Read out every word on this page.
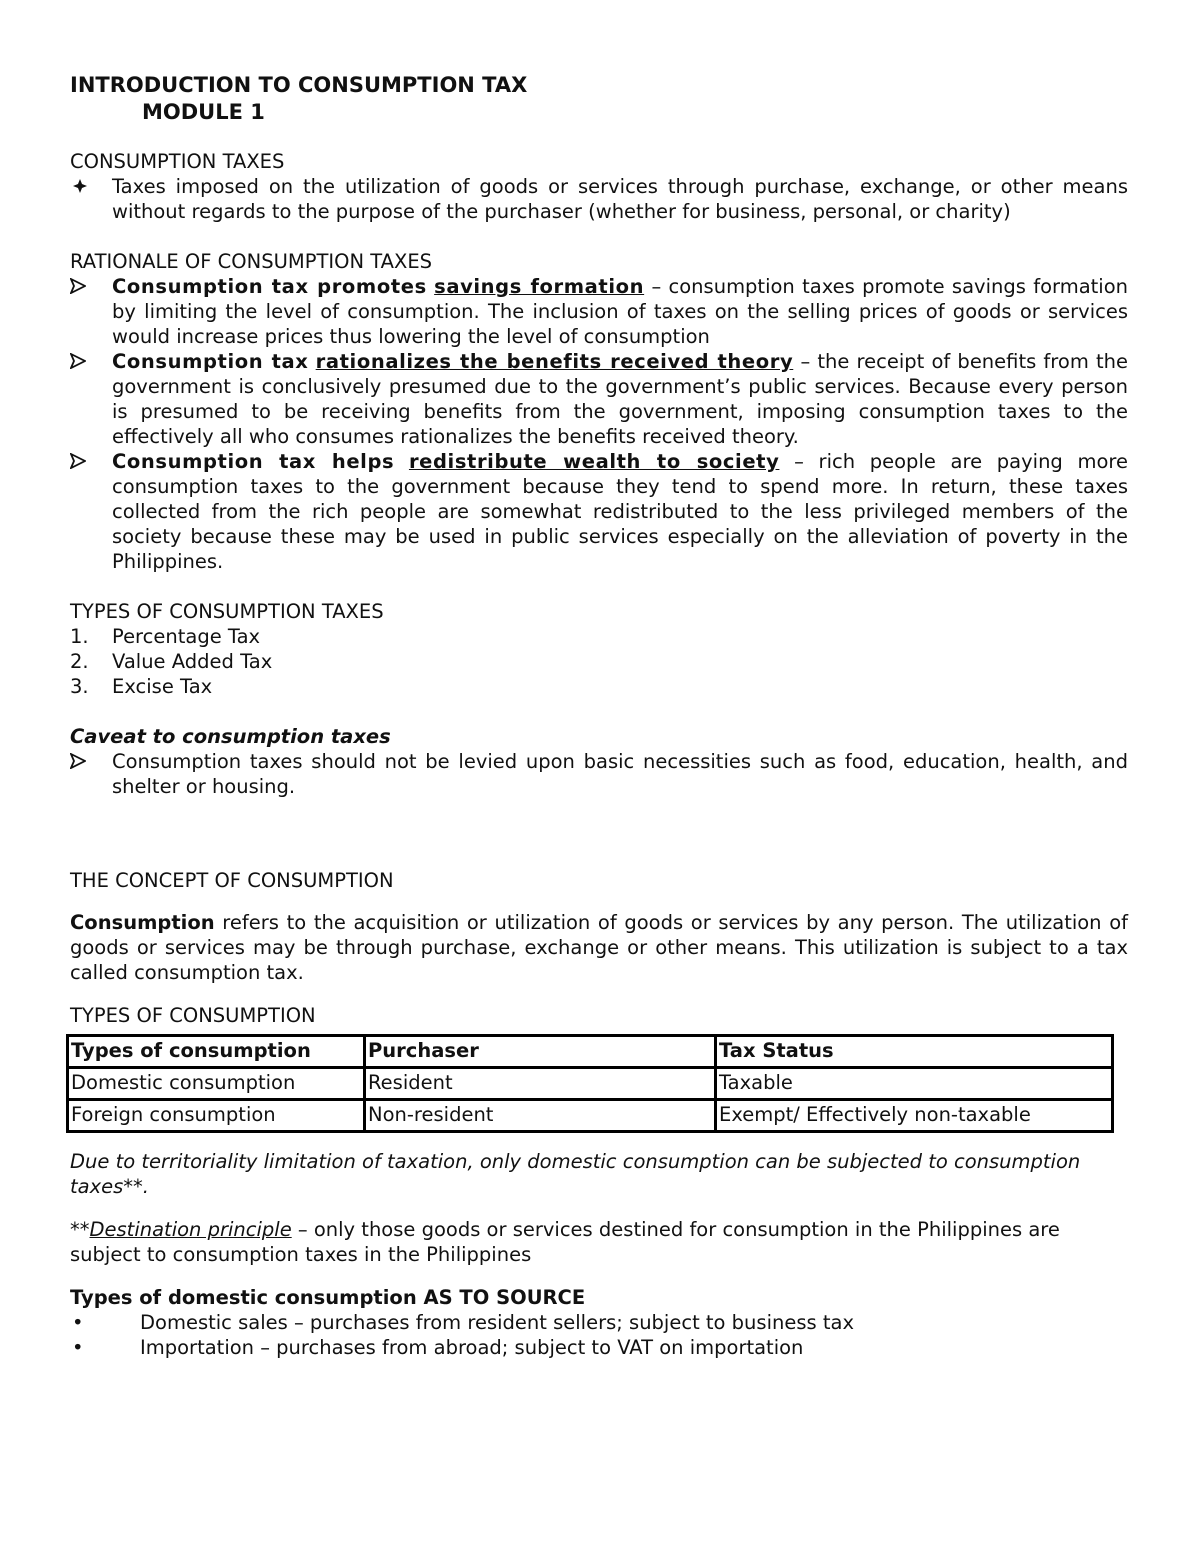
INTRODUCTION TO CONSUMPTION TAX

MODULE 1

CONSUMPTION TAXES

Taxes imposed on the utilization of goods or services through purchase, exchange, or other means without regards to the purpose of the purchaser (whether for business, personal, or charity)

RATIONALE OF CONSUMPTION TAXES

Consumption tax promotes savings formation – consumption taxes promote savings formation by limiting the level of consumption. The inclusion of taxes on the selling prices of goods or services would increase prices thus lowering the level of consumption
Consumption tax rationalizes the benefits received theory – the receipt of benefits from the government is conclusively presumed due to the government’s public services. Because every person is presumed to be receiving benefits from the government, imposing consumption taxes to the effectively all who consumes rationalizes the benefits received theory.
Consumption tax helps redistribute wealth to society – rich people are paying more consumption taxes to the government because they tend to spend more. In return, these taxes collected from the rich people are somewhat redistributed to the less privileged members of the society because these may be used in public services especially on the alleviation of poverty in the Philippines.

TYPES OF CONSUMPTION TAXES

1. Percentage Tax
2. Value Added Tax
3. Excise Tax

Caveat to consumption taxes

Consumption taxes should not be levied upon basic necessities such as food, education, health, and shelter or housing.

THE CONCEPT OF CONSUMPTION

Consumption refers to the acquisition or utilization of goods or services by any person. The utilization of goods or services may be through purchase, exchange or other means. This utilization is subject to a tax called consumption tax.

TYPES OF CONSUMPTION

Types of consumption	Purchaser	Tax Status
Domestic consumption	Resident	Taxable
Foreign consumption	Non-resident	Exempt/ Effectively non-taxable

Due to territoriality limitation of taxation, only domestic consumption can be subjected to consumption taxes**.

**Destination principle – only those goods or services destined for consumption in the Philippines are subject to consumption taxes in the Philippines

Types of domestic consumption AS TO SOURCE

•	Domestic sales – purchases from resident sellers; subject to business tax
•	Importation – purchases from abroad; subject to VAT on importation
